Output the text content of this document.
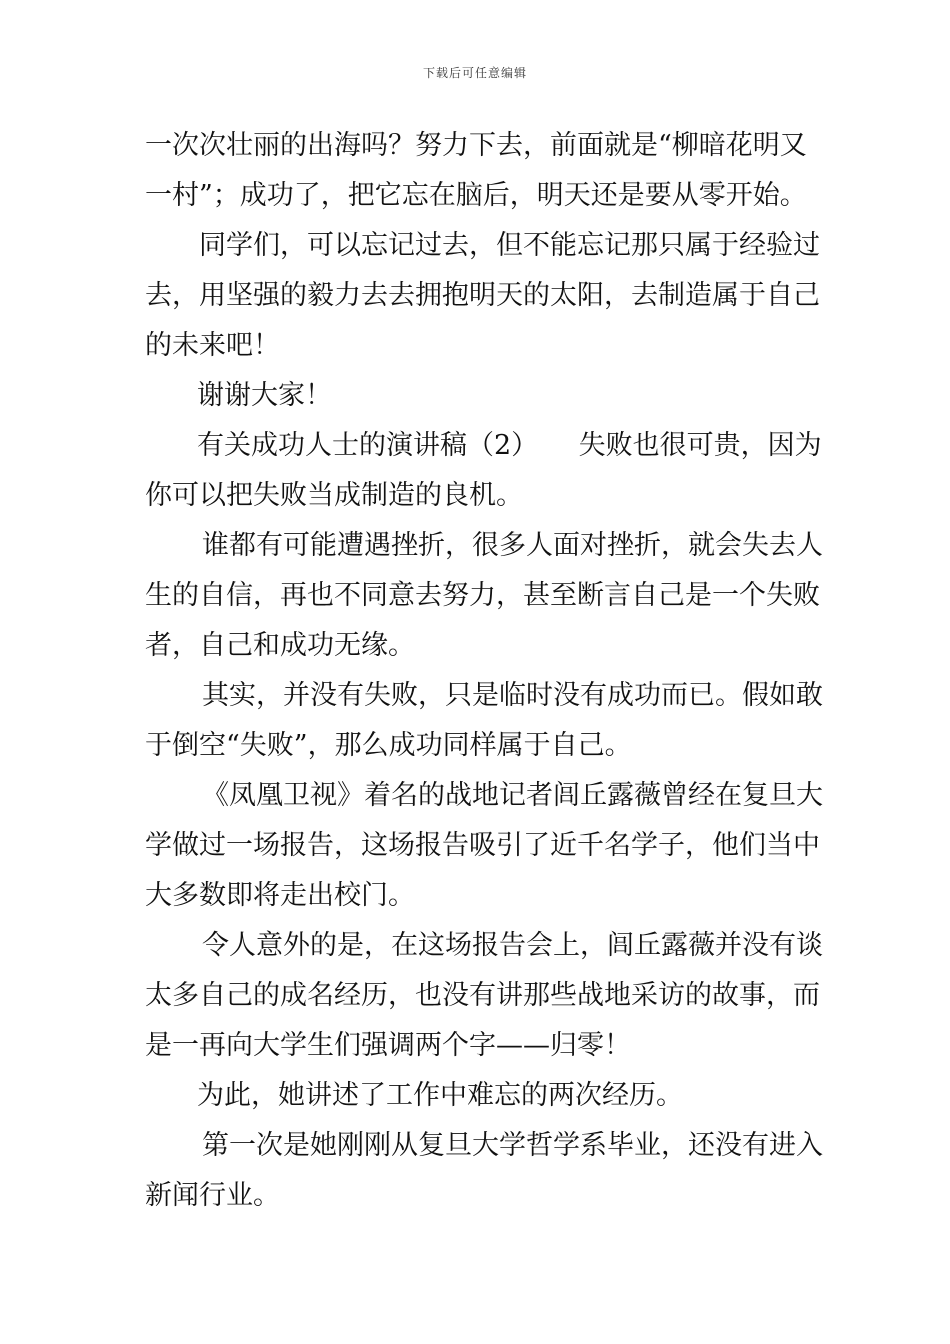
下载后可任意编辑
一次次壮丽的出海吗？努力下去，前面就是“柳暗花明又
一村”；成功了，把它忘在脑后，明天还是要从零开始。
同学们，可以忘记过去，但不能忘记那只属于经验过
去，用坚强的毅力去去拥抱明天的太阳，去制造属于自己
的未来吧！
谢谢大家！
有关成功人士的演讲稿（2）　　失败也很可贵，因为
你可以把失败当成制造的良机。
谁都有可能遭遇挫折，很多人面对挫折，就会失去人
生的自信，再也不同意去努力，甚至断言自己是一个失败
者，自己和成功无缘。
其实，并没有失败，只是临时没有成功而已。假如敢
于倒空“失败”，那么成功同样属于自己。
《凤凰卫视》着名的战地记者闾丘露薇曾经在复旦大
学做过一场报告，这场报告吸引了近千名学子，他们当中
大多数即将走出校门。
令人意外的是，在这场报告会上，闾丘露薇并没有谈
太多自己的成名经历，也没有讲那些战地采访的故事，而
是一再向大学生们强调两个字——归零！
为此，她讲述了工作中难忘的两次经历。
第一次是她刚刚从复旦大学哲学系毕业，还没有进入
新闻行业。
